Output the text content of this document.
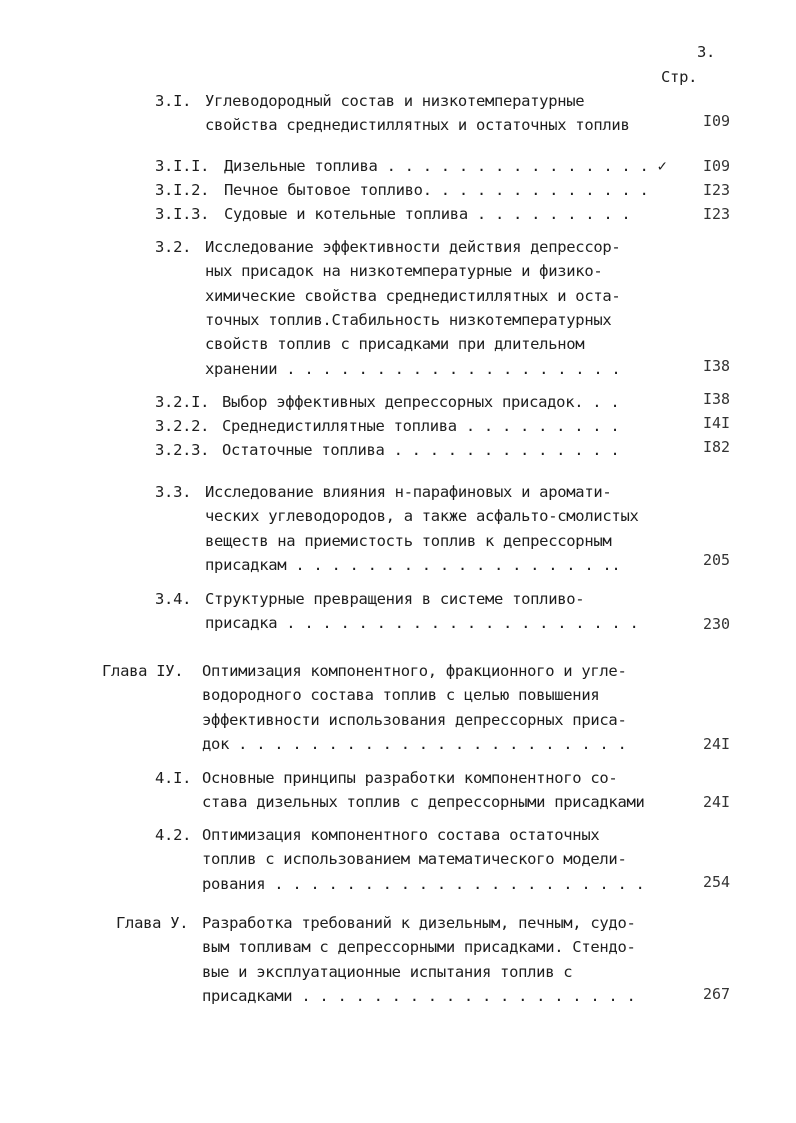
3.
Стр.
3.I. Углеводородный состав и низкотемпературные
свойства среднедистиллятных и остаточных топлив	I09
3.I.I. Дизельные топлива . . . . . . . . . . . . . . . ✓ I09
3.I.2. Печное бытовое топливо. . . . . . . . . . . . .	I23
3.I.3. Судовые и котельные топлива . . . . . . . . .	I23
3.2. Исследование эффективности действия депрессор-
ных присадок на низкотемпературные и физико-
химические свойства среднедистиллятных и оста-
точных топлив.Стабильность низкотемпературных
свойств топлив с присадками при длительном
хранении . . . . . . . . . . . . . . . . . . .	I38
3.2.I. Выбор эффективных депрессорных присадок. . .	I38
3.2.2. Среднедистиллятные топлива . . . . . . . . .	I4I
3.2.3. Остаточные топлива . . . . . . . . . . . . .	I82
3.3. Исследование влияния н-парафиновых и аромати-
ческих углеводородов, а также асфальто-смолистых
веществ на приемистость топлив к депрессорным
присадкам . . . . . . . . . . . . . . . . . ..	205
3.4. Структурные превращения в системе топливо-
присадка . . . . . . . . . . . . . . . . . . . .	230
Глава IУ. Оптимизация компонентного, фракционного и угле-
водородного состава топлив с целью повышения
эффективности использования депрессорных приса-
док . . . . . . . . . . . . . . . . . . . . . .	24I
4.I. Основные принципы разработки компонентного со-
става дизельных топлив с депрессорными присадками	24I
4.2. Оптимизация компонентного состава остаточных
топлив с использованием математического модели-
рования . . . . . . . . . . . . . . . . . . . . .	254
Глава У. Разработка требований к дизельным, печным, судо-
вым топливам с депрессорными присадками. Стендо-
вые и эксплуатационные испытания топлив с
присадками . . . . . . . . . . . . . . . . . . .	267
